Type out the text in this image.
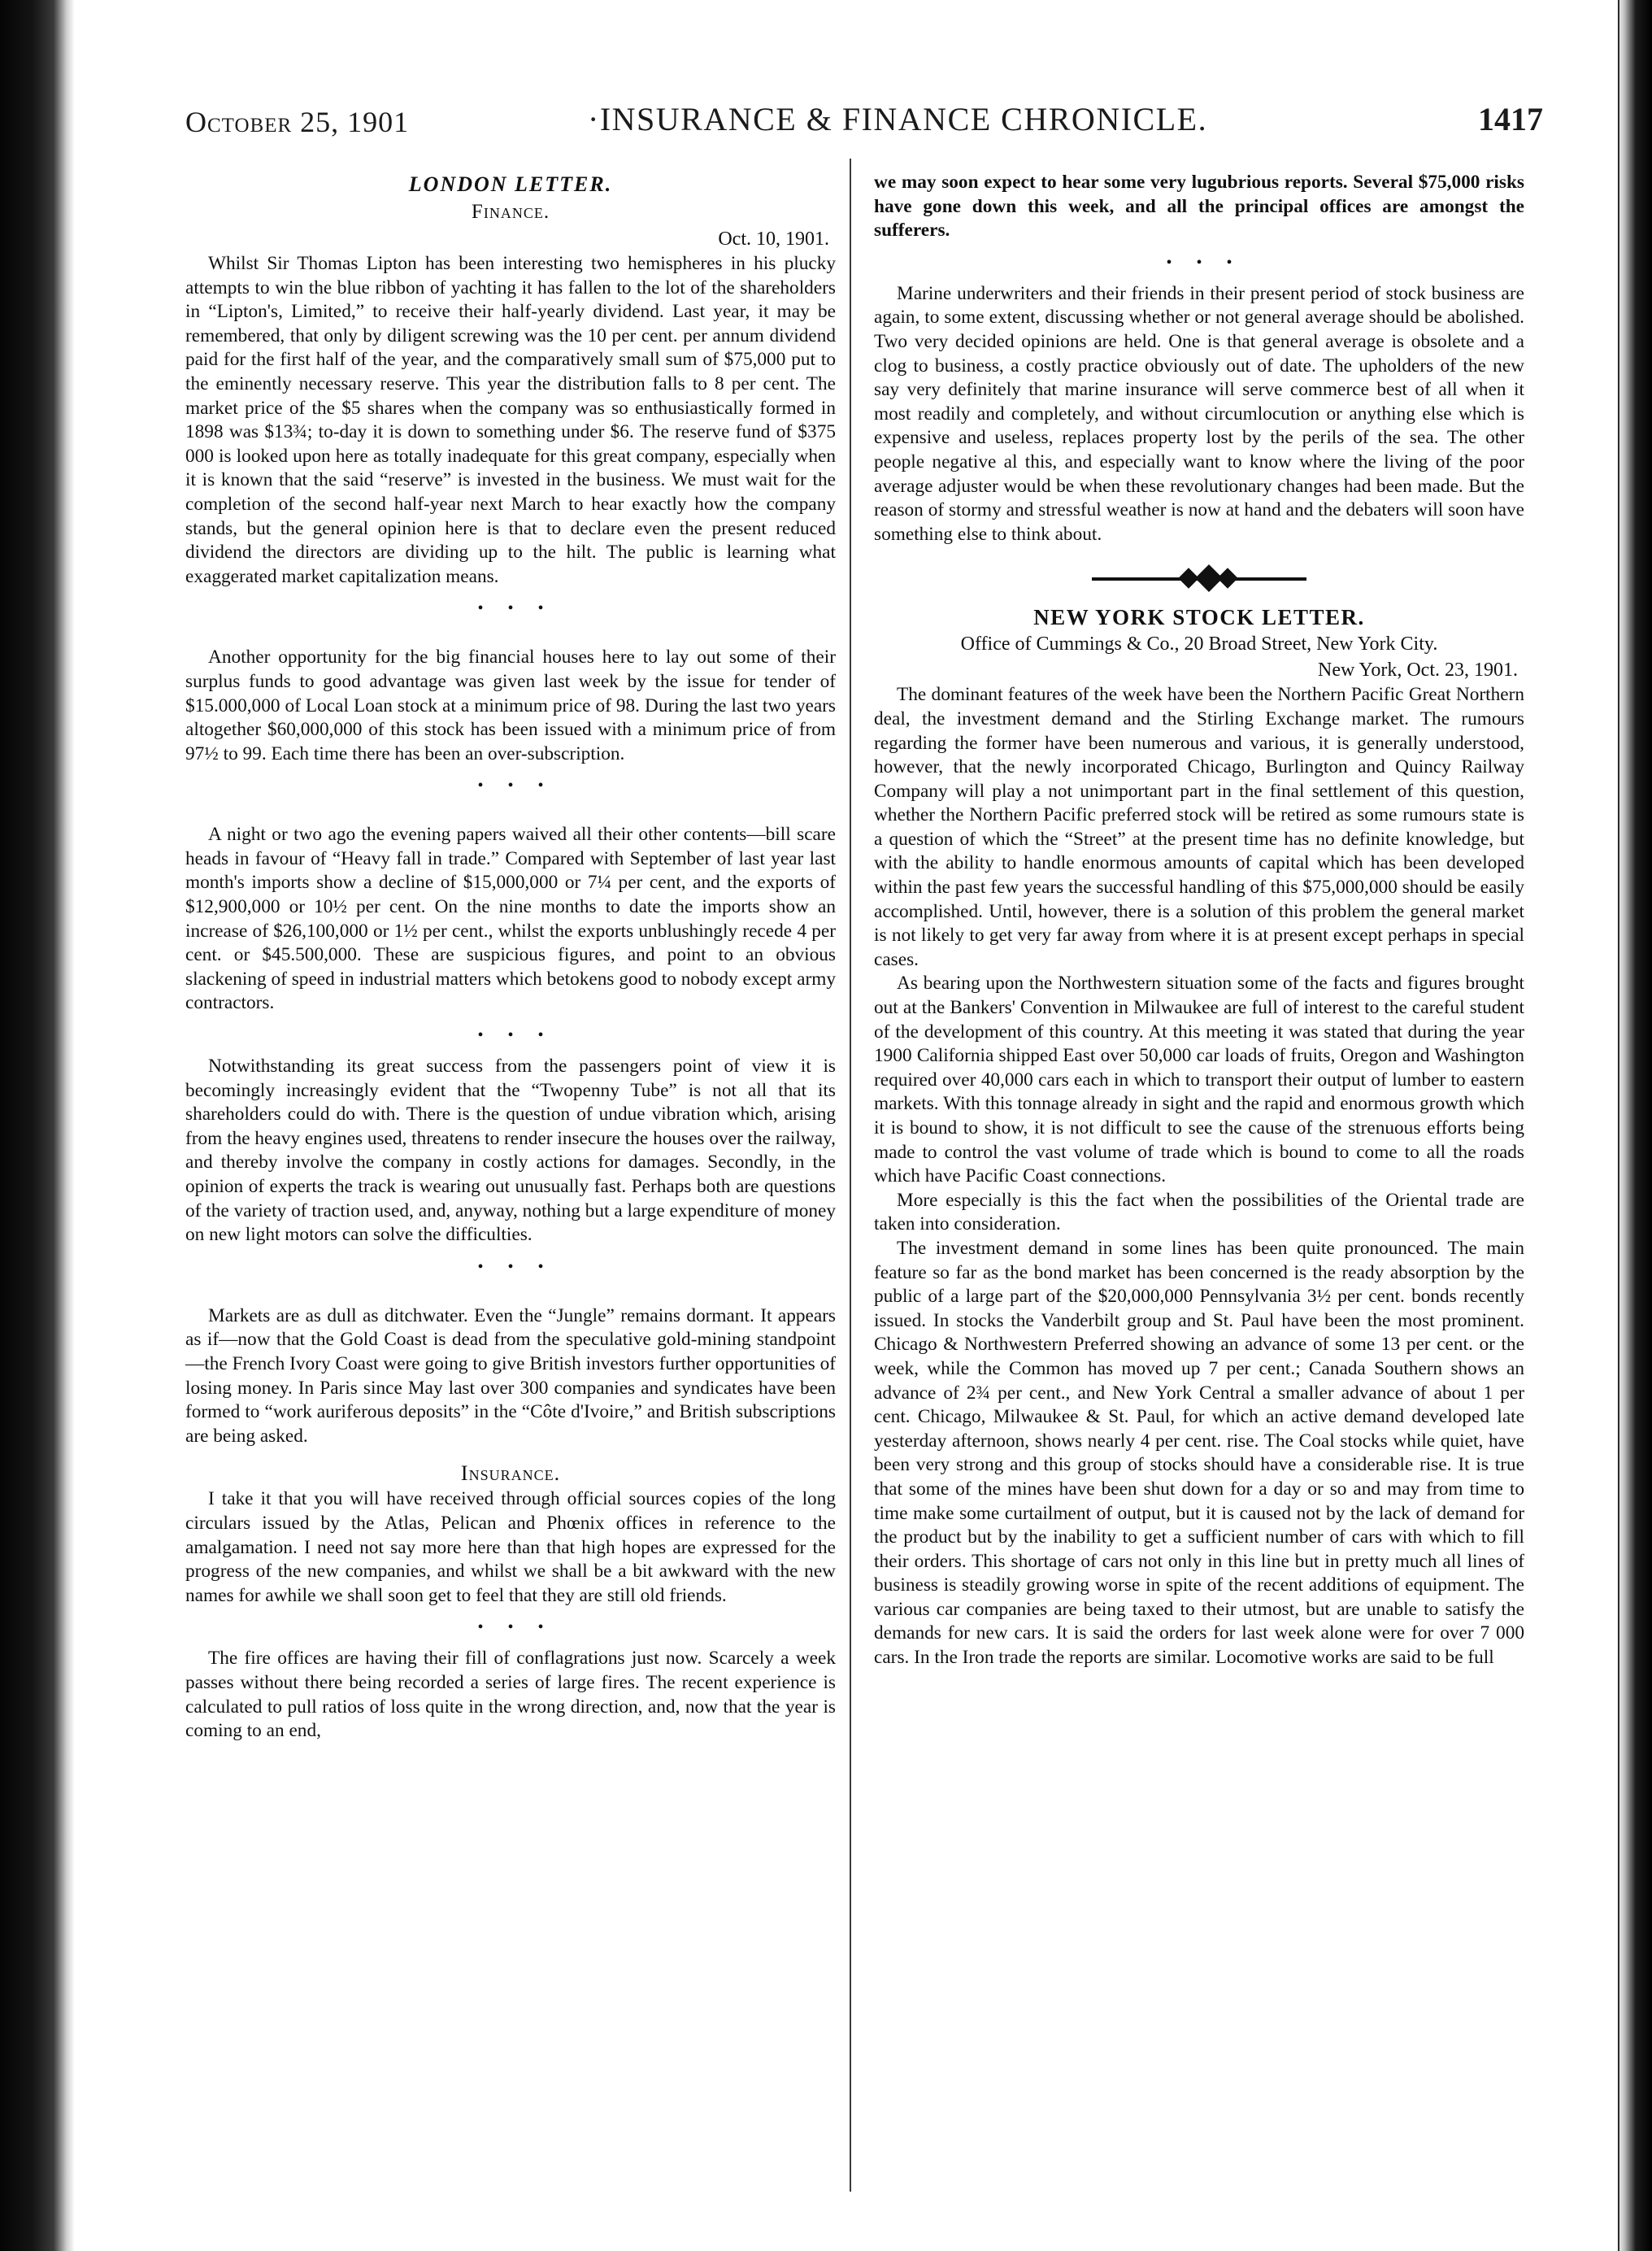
October 25, 1901	·INSURANCE & FINANCE CHRONICLE.	1417
LONDON LETTER.
Finance.
Oct. 10, 1901.

Whilst Sir Thomas Lipton has been interesting two hemispheres in his plucky attempts to win the blue ribbon of yachting it has fallen to the lot of the shareholders in “Lipton's, Limited,” to receive their half-yearly dividend. Last year, it may be remembered, that only by diligent screwing was the 10 per cent. per annum dividend paid for the first half of the year, and the comparatively small sum of $75,000 put to the eminently necessary reserve. This year the distribution falls to 8 per cent. The market price of the $5 shares when the company was so enthusiastically formed in 1898 was $13¾; to-day it is down to something under $6. The reserve fund of $375 000 is looked upon here as totally inadequate for this great company, especially when it is known that the said “reserve” is invested in the business. We must wait for the completion of the second half-year next March to hear exactly how the company stands, but the general opinion here is that to declare even the present reduced dividend the directors are dividing up to the hilt. The public is learning what exaggerated market capitalization means.

•••

Another opportunity for the big financial houses here to lay out some of their surplus funds to good advantage was given last week by the issue for tender of $15.000,000 of Local Loan stock at a minimum price of 98. During the last two years altogether $60,000,000 of this stock has been issued with a minimum price of from 97½ to 99. Each time there has been an over-subscription.

•••

A night or two ago the evening papers waived all their other contents—bill scare heads in favour of “Heavy fall in trade.” Compared with September of last year last month's imports show a decline of $15,000,000 or 7¼ per cent, and the exports of $12,900,000 or 10½ per cent. On the nine months to date the imports show an increase of $26,100,000 or 1½ per cent., whilst the exports unblushingly recede 4 per cent. or $45.500,000. These are suspicious figures, and point to an obvious slackening of speed in industrial matters which betokens good to nobody except army contractors.

•••

Notwithstanding its great success from the passengers point of view it is becomingly increasingly evident that the “Twopenny Tube” is not all that its shareholders could do with. There is the question of undue vibration which, arising from the heavy engines used, threatens to render insecure the houses over the railway, and thereby involve the company in costly actions for damages. Secondly, in the opinion of experts the track is wearing out unusually fast. Perhaps both are questions of the variety of traction used, and, anyway, nothing but a large expenditure of money on new light motors can solve the difficulties.

•••

Markets are as dull as ditchwater. Even the “Jungle” remains dormant. It appears as if—now that the Gold Coast is dead from the speculative gold-mining standpoint—the French Ivory Coast were going to give British investors further opportunities of losing money. In Paris since May last over 300 companies and syndicates have been formed to “work auriferous deposits” in the “Côte d'Ivoire,” and British subscriptions are being asked.

Insurance.

I take it that you will have received through official sources copies of the long circulars issued by the Atlas, Pelican and Phœnix offices in reference to the amalgamation. I need not say more here than that high hopes are expressed for the progress of the new companies, and whilst we shall be a bit awkward with the new names for awhile we shall soon get to feel that they are still old friends.

•••

The fire offices are having their fill of conflagrations just now. Scarcely a week passes without there being recorded a series of large fires. The recent experience is calculated to pull ratios of loss quite in the wrong direction, and, now that the year is coming to an end,

we may soon expect to hear some very lugubrious reports. Several $75,000 risks have gone down this week, and all the principal offices are amongst the sufferers.

•••

Marine underwriters and their friends in their present period of stock business are again, to some extent, discussing whether or not general average should be abolished. Two very decided opinions are held. One is that general average is obsolete and a clog to business, a costly practice obviously out of date. The upholders of the new say very definitely that marine insurance will serve commerce best of all when it most readily and completely, and without circumlocution or anything else which is expensive and useless, replaces property lost by the perils of the sea. The other people negative al this, and especially want to know where the living of the poor average adjuster would be when these revolutionary changes had been made. But the reason of stormy and stressful weather is now at hand and the debaters will soon have something else to think about.

NEW YORK STOCK LETTER.
Office of Cummings & Co., 20 Broad Street, New York City.
New York, Oct. 23, 1901.

The dominant features of the week have been the Northern Pacific Great Northern deal, the investment demand and the Stirling Exchange market. The rumours regarding the former have been numerous and various, it is generally understood, however, that the newly incorporated Chicago, Burlington and Quincy Railway Company will play a not unimportant part in the final settlement of this question, whether the Northern Pacific preferred stock will be retired as some rumours state is a question of which the “Street” at the present time has no definite knowledge, but with the ability to handle enormous amounts of capital which has been developed within the past few years the successful handling of this $75,000,000 should be easily accomplished. Until, however, there is a solution of this problem the general market is not likely to get very far away from where it is at present except perhaps in special cases.

As bearing upon the Northwestern situation some of the facts and figures brought out at the Bankers' Convention in Milwaukee are full of interest to the careful student of the development of this country. At this meeting it was stated that during the year 1900 California shipped East over 50,000 car loads of fruits, Oregon and Washington required over 40,000 cars each in which to transport their output of lumber to eastern markets. With this tonnage already in sight and the rapid and enormous growth which it is bound to show, it is not difficult to see the cause of the strenuous efforts being made to control the vast volume of trade which is bound to come to all the roads which have Pacific Coast connections.

More especially is this the fact when the possibilities of the Oriental trade are taken into consideration.

The investment demand in some lines has been quite pronounced. The main feature so far as the bond market has been concerned is the ready absorption by the public of a large part of the $20,000,000 Pennsylvania 3½ per cent. bonds recently issued. In stocks the Vanderbilt group and St. Paul have been the most prominent. Chicago & Northwestern Preferred showing an advance of some 13 per cent. or the week, while the Common has moved up 7 per cent.; Canada Southern shows an advance of 2¾ per cent., and New York Central a smaller advance of about 1 per cent. Chicago, Milwaukee & St. Paul, for which an active demand developed late yesterday afternoon, shows nearly 4 per cent. rise. The Coal stocks while quiet, have been very strong and this group of stocks should have a considerable rise. It is true that some of the mines have been shut down for a day or so and may from time to time make some curtailment of output, but it is caused not by the lack of demand for the product but by the inability to get a sufficient number of cars with which to fill their orders. This shortage of cars not only in this line but in pretty much all lines of business is steadily growing worse in spite of the recent additions of equipment. The various car companies are being taxed to their utmost, but are unable to satisfy the demands for new cars. It is said the orders for last week alone were for over 7 000 cars. In the Iron trade the reports are similar. Locomotive works are said to be full
